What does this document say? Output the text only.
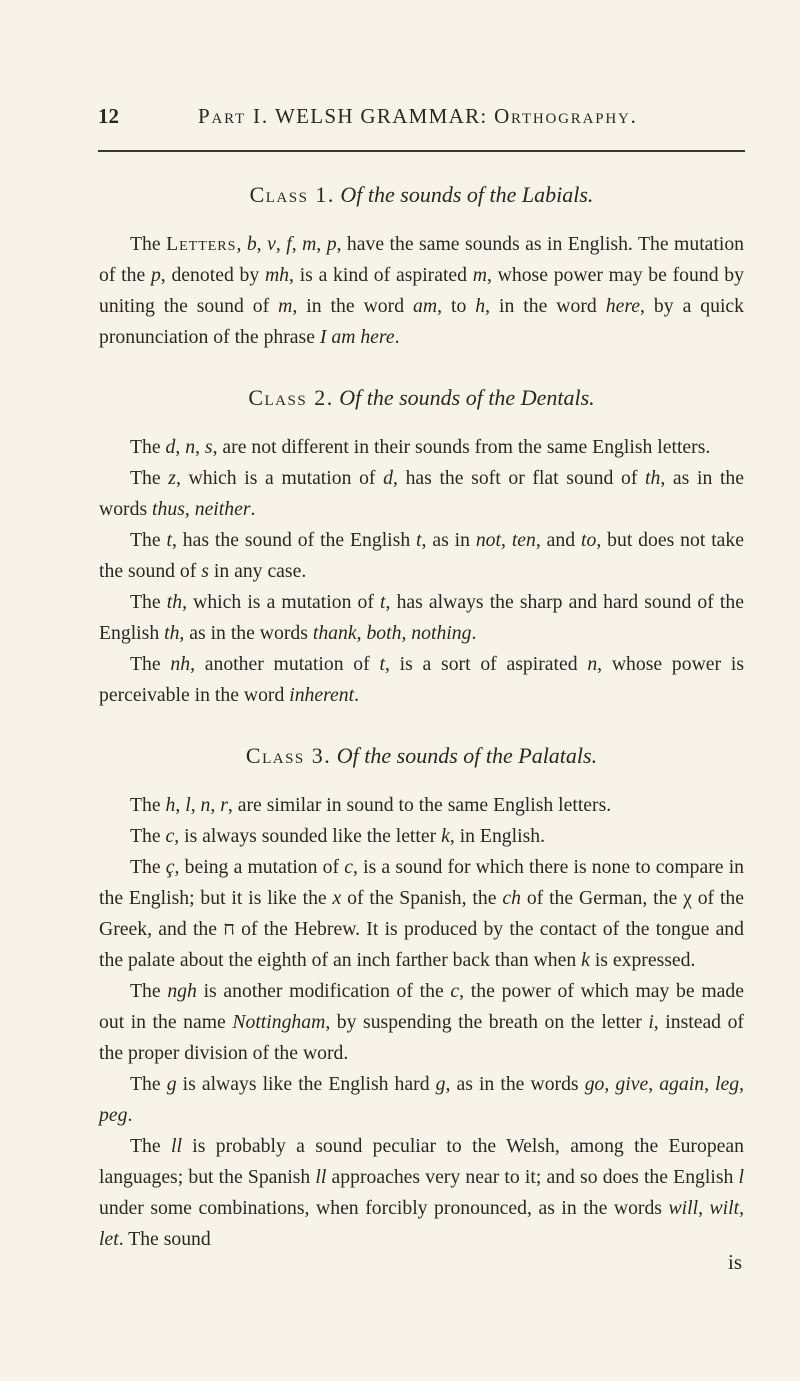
12	Part I. WELSH GRAMMAR: Orthography.
Class 1. Of the sounds of the Labials.

The Letters, b, v, f, m, p, have the same sounds as in English. The mutation of the p, denoted by mh, is a kind of aspirated m, whose power may be found by uniting the sound of m, in the word am, to h, in the word here, by a quick pronunciation of the phrase I am here.

Class 2. Of the sounds of the Dentals.

The d, n, s, are not different in their sounds from the same English letters.

The z, which is a mutation of d, has the soft or flat sound of th, as in the words thus, neither.

The t, has the sound of the English t, as in not, ten, and to, but does not take the sound of s in any case.

The th, which is a mutation of t, has always the sharp and hard sound of the English th, as in the words thank, both, nothing.

The nh, another mutation of t, is a sort of aspirated n, whose power is perceivable in the word inherent.

Class 3. Of the sounds of the Palatals.

The h, l, n, r, are similar in sound to the same English letters.

The c, is always sounded like the letter k, in English.

The ç, being a mutation of c, is a sound for which there is none to compare in the English; but it is like the x of the Spanish, the ch of the German, the χ of the Greek, and the ח of the Hebrew. It is produced by the contact of the tongue and the palate about the eighth of an inch farther back than when k is expressed.

The ngh is another modification of the c, the power of which may be made out in the name Nottingham, by suspending the breath on the letter i, instead of the proper division of the word.

The g is always like the English hard g, as in the words go, give, again, leg, peg.

The ll is probably a sound peculiar to the Welsh, among the European languages; but the Spanish ll approaches very near to it; and so does the English l under some combinations, when forcibly pronounced, as in the words will, wilt, let. The sound

is
